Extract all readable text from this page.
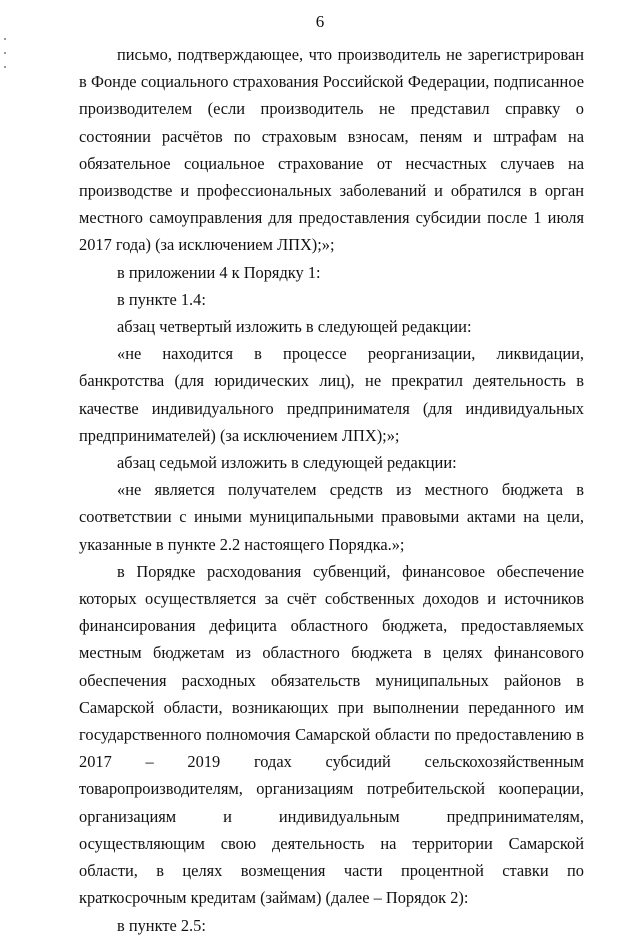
6

письмо, подтверждающее, что производитель не зарегистрирован в Фонде социального страхования Российской Федерации, подписанное производителем (если производитель не представил справку о состоянии расчётов по страховым взносам, пеням и штрафам на обязательное социальное страхование от несчастных случаев на производстве и профессиональных заболеваний и обратился в орган местного самоуправления для предоставления субсидии после 1 июля 2017 года) (за исключением ЛПХ);»;

в приложении 4 к Порядку 1:

в пункте 1.4:

абзац четвертый изложить в следующей редакции:

«не находится в процессе реорганизации, ликвидации, банкротства (для юридических лиц), не прекратил деятельность в качестве индивидуального предпринимателя (для индивидуальных предпринимателей) (за исключением ЛПХ);»;

абзац седьмой изложить в следующей редакции:

«не является получателем средств из местного бюджета в соответствии с иными муниципальными правовыми актами на цели, указанные в пункте 2.2 настоящего Порядка.»;

в Порядке расходования субвенций, финансовое обеспечение которых осуществляется за счёт собственных доходов и источников финансирования дефицита областного бюджета, предоставляемых местным бюджетам из областного бюджета в целях финансового обеспечения расходных обязательств муниципальных районов в Самарской области, возникающих при выполнении переданного им государственного полномочия Самарской области по предоставлению в 2017 – 2019 годах субсидий сельскохозяйственным товаропроизводителям, организациям потребительской кооперации, организациям и индивидуальным предпринимателям, осуществляющим свою деятельность на территории Самарской области, в целях возмещения части процентной ставки по краткосрочным кредитам (займам) (далее – Порядок 2):

в пункте 2.5:
